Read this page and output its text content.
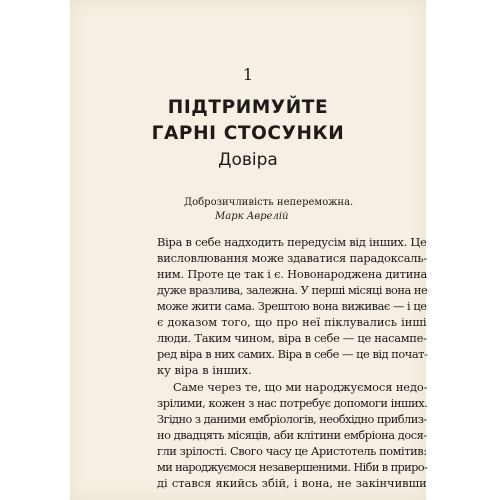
1
ПІДТРИМУЙТЕ
ГАРНІ СТОСУНКИ
Довіра
Доброзичливість непереможна.
Марк Аврелій
Віра в себе надходить передусім від інших. Це
висловлювання може здаватися парадоксаль-
ним. Проте це так і є. Новонароджена дитина
дуже вразлива, залежна. У перші місяці вона не
може жити сама. Зрештою вона виживає — і це
є доказом того, що про неї піклувались інші
люди. Таким чином, віра в себе — це насампе-
ред віра в них самих. Віра в себе — це від почат-
ку віра в інших.
Саме через те, що ми народжуємося недо-
зрілими, кожен з нас потребує допомоги інших.
Згідно з даними ембріологів, необхідно приблиз-
но двадцять місяців, аби клітини ембріона дося-
гли зрілості. Свого часу це Аристотель помітив:
ми народжуємося незавершеними. Ніби в приро-
ді стався якийсь збій, і вона, не закінчивши
